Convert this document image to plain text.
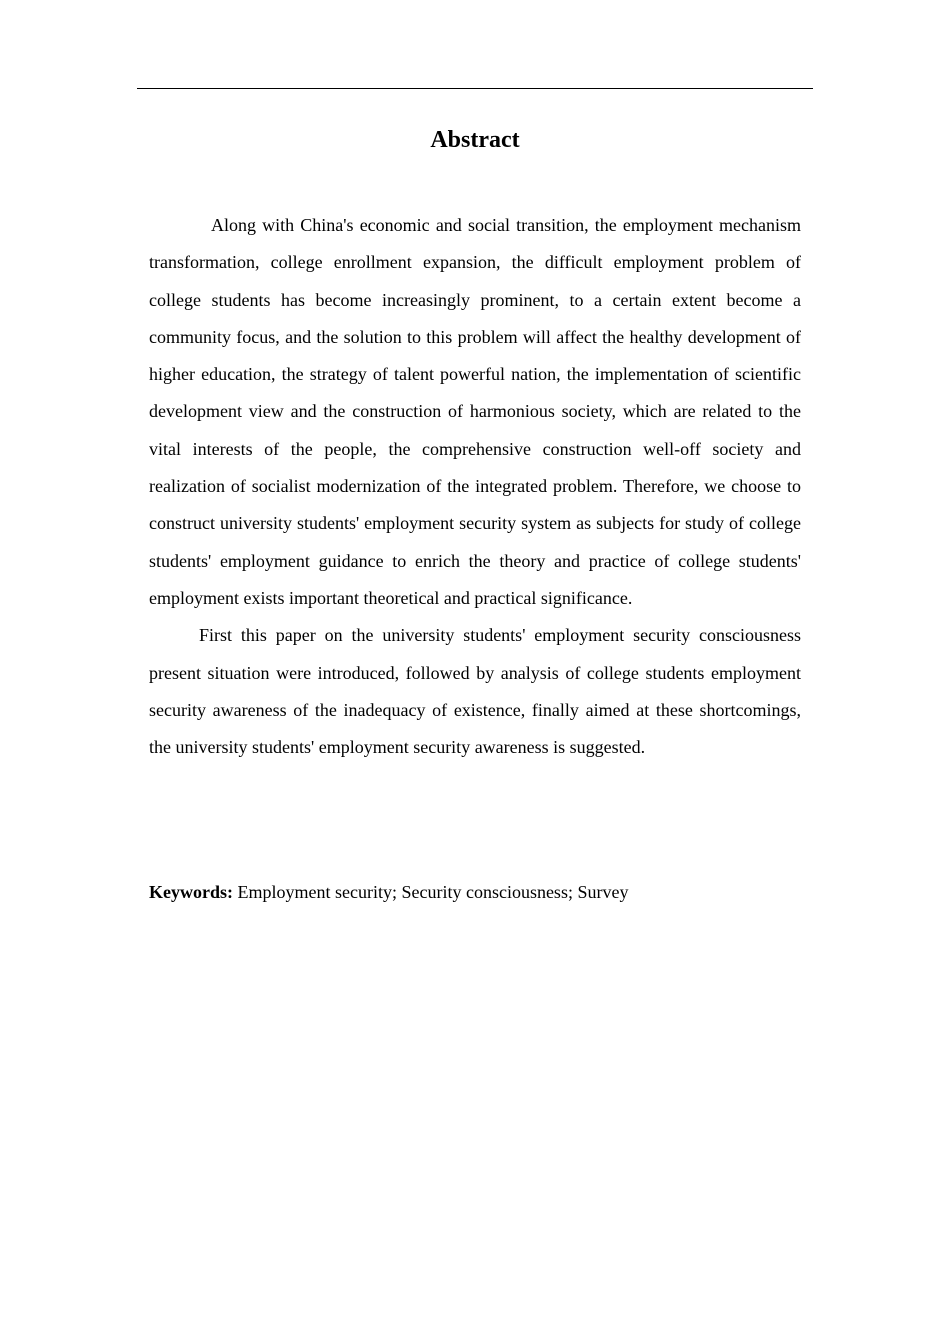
Abstract

Along with China's economic and social transition, the employment mechanism transformation, college enrollment expansion, the difficult employment problem of college students has become increasingly prominent, to a certain extent become a community focus, and the solution to this problem will affect the healthy development of higher education, the strategy of talent powerful nation, the implementation of scientific development view and the construction of harmonious society, which are related to the vital interests of the people, the comprehensive construction well-off society and realization of socialist modernization of the integrated problem. Therefore, we choose to construct university students' employment security system as subjects for study of college students' employment guidance to enrich the theory and practice of college students' employment exists important theoretical and practical significance.

First this paper on the university students' employment security consciousness present situation were introduced, followed by analysis of college students employment security awareness of the inadequacy of existence, finally aimed at these shortcomings, the university students' employment security awareness is suggested.

Keywords: Employment security; Security consciousness; Survey
